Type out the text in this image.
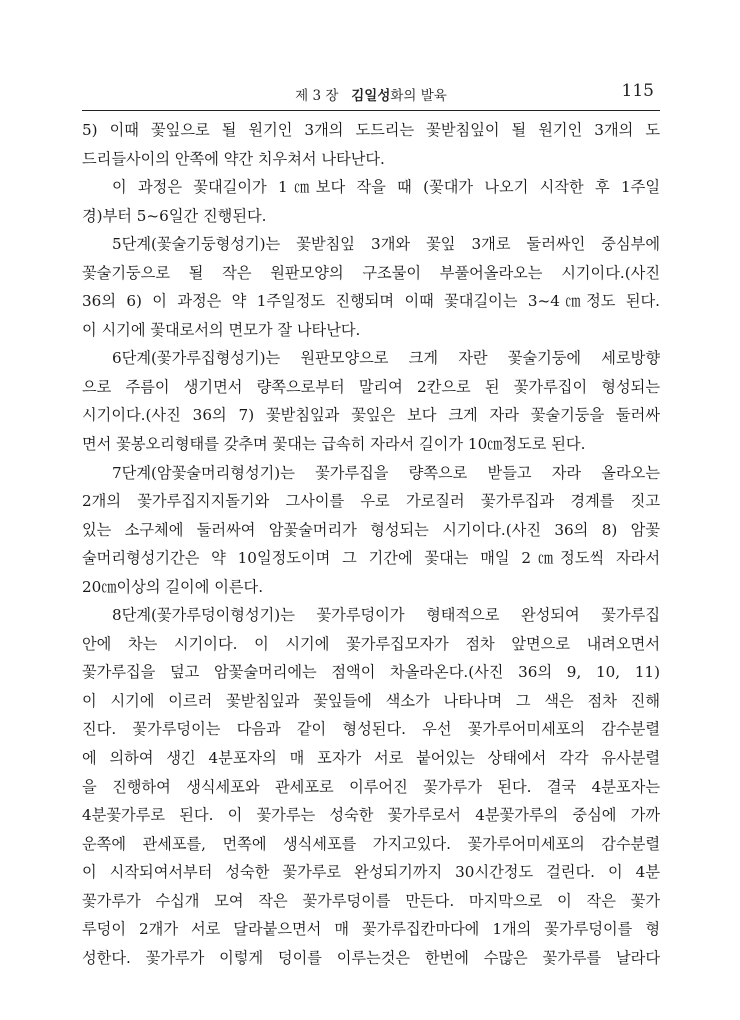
제 3 장 김일성화의 발육	115
5) 이때 꽃잎으로 될 원기인 3개의 도드리는 꽃받침잎이 될 원기인 3개의 도
드리들사이의 안쪽에 약간 치우쳐서 나타난다.
이 과정은 꽃대길이가 1㎝보다 작을 때 (꽃대가 나오기 시작한 후 1주일
경)부터 5~6일간 진행된다.
5단계(꽃술기둥형성기)는 꽃받침잎 3개와 꽃잎 3개로 둘러싸인 중심부에
꽃술기둥으로 될 작은 원판모양의 구조물이 부풀어올라오는 시기이다.(사진
36의 6) 이 과정은 약 1주일정도 진행되며 이때 꽃대길이는 3~4㎝정도 된다.
이 시기에 꽃대로서의 면모가 잘 나타난다.
6단계(꽃가루집형성기)는 원판모양으로 크게 자란 꽃술기둥에 세로방향
으로 주름이 생기면서 량쪽으로부터 말리여 2칸으로 된 꽃가루집이 형성되는
시기이다.(사진 36의 7) 꽃받침잎과 꽃잎은 보다 크게 자라 꽃술기둥을 둘러싸
면서 꽃봉오리형태를 갖추며 꽃대는 급속히 자라서 길이가 10㎝정도로 된다.
7단계(암꽃술머리형성기)는 꽃가루집을 량쪽으로 받들고 자라 올라오는
2개의 꽃가루집지지돌기와 그사이를 우로 가로질러 꽃가루집과 경계를 짓고
있는 소구체에 둘러싸여 암꽃술머리가 형성되는 시기이다.(사진 36의 8) 암꽃
술머리형성기간은 약 10일정도이며 그 기간에 꽃대는 매일 2㎝정도씩 자라서
20㎝이상의 길이에 이른다.
8단계(꽃가루덩이형성기)는 꽃가루덩이가 형태적으로 완성되여 꽃가루집
안에 차는 시기이다. 이 시기에 꽃가루집모자가 점차 앞면으로 내려오면서
꽃가루집을 덮고 암꽃술머리에는 점액이 차올라온다.(사진 36의 9, 10, 11)
이 시기에 이르러 꽃받침잎과 꽃잎들에 색소가 나타나며 그 색은 점차 진해
진다. 꽃가루덩이는 다음과 같이 형성된다. 우선 꽃가루어미세포의 감수분렬
에 의하여 생긴 4분포자의 매 포자가 서로 붙어있는 상태에서 각각 유사분렬
을 진행하여 생식세포와 관세포로 이루어진 꽃가루가 된다. 결국 4분포자는
4분꽃가루로 된다. 이 꽃가루는 성숙한 꽃가루로서 4분꽃가루의 중심에 가까
운쪽에 관세포를, 먼쪽에 생식세포를 가지고있다. 꽃가루어미세포의 감수분렬
이 시작되여서부터 성숙한 꽃가루로 완성되기까지 30시간정도 걸린다. 이 4분
꽃가루가 수십개 모여 작은 꽃가루덩이를 만든다. 마지막으로 이 작은 꽃가
루덩이 2개가 서로 달라붙으면서 매 꽃가루집칸마다에 1개의 꽃가루덩이를 형
성한다. 꽃가루가 이렇게 덩이를 이루는것은 한번에 수많은 꽃가루를 날라다
